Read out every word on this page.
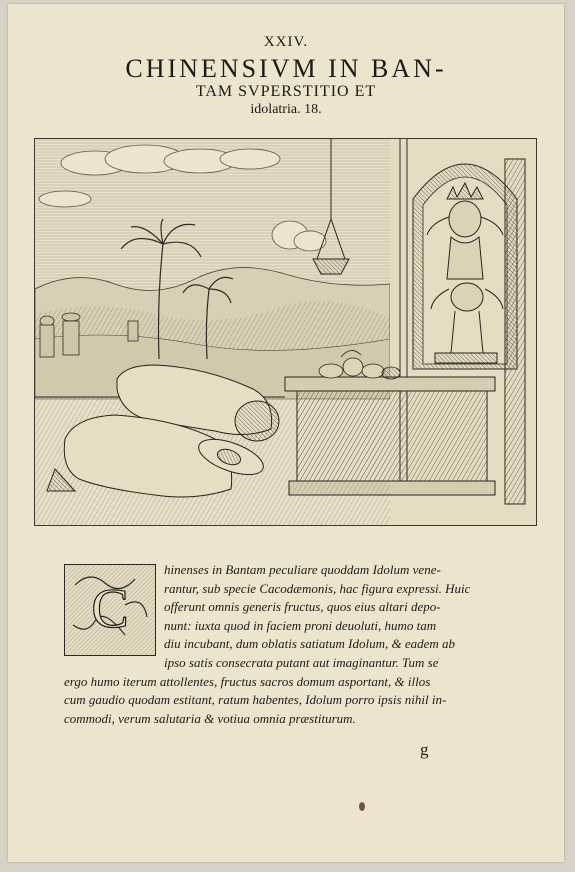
XXIV.
CHINENSIVM IN BAN-
TAM SVPERSTITIO ET
idolatria. 18.
C
hinenses in Bantam peculiare quoddam Idolum vene-
rantur, sub specie Cacodæmonis, hac figura expressi. Huic
offerunt omnis generis fructus, quos eius altari depo-
nunt: iuxta quod in faciem proni deuoluti, humo tam
diu incubant, dum oblatis satiatum Idolum, & eadem ab
ipso satis consecrata putant aut imaginantur. Tum se
ergo humo iterum attollentes, fructus sacros domum asportant, & illos
cum gaudio quodam estitant, ratum habentes, Idolum porro ipsis nihil in-
commodi, verum salutaria & votiua omnia præstiturum.
g
